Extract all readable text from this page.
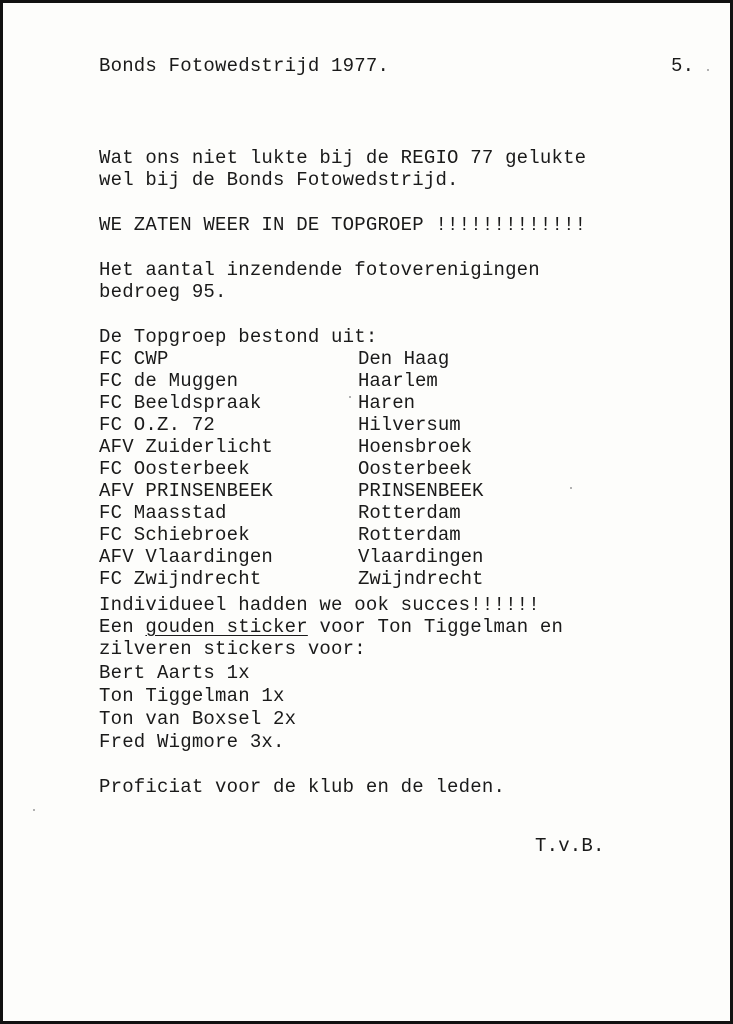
Bonds Fotowedstrijd 1977.	5.
Wat ons niet lukte bij de REGIO 77 gelukte
wel bij de Bonds Fotowedstrijd.
WE ZATEN WEER IN DE TOPGROEP !!!!!!!!!!!!!
Het aantal inzendende fotoverenigingen
bedroeg 95.
De Topgroep bestond uit:
FC CWP	Den Haag
FC de Muggen	Haarlem
FC Beeldspraak	Haren
FC O.Z. 72	Hilversum
AFV Zuiderlicht	Hoensbroek
FC Oosterbeek	Oosterbeek
AFV PRINSENBEEK	PRINSENBEEK
FC Maasstad	Rotterdam
FC Schiebroek	Rotterdam
AFV Vlaardingen	Vlaardingen
FC Zwijndrecht	Zwijndrecht
Individueel hadden we ook succes!!!!!!
Een gouden sticker voor Ton Tiggelman en
zilveren stickers voor:
Bert Aarts 1x
Ton Tiggelman 1x
Ton van Boxsel 2x
Fred Wigmore 3x.
Proficiat voor de klub en de leden.
T.v.B.
